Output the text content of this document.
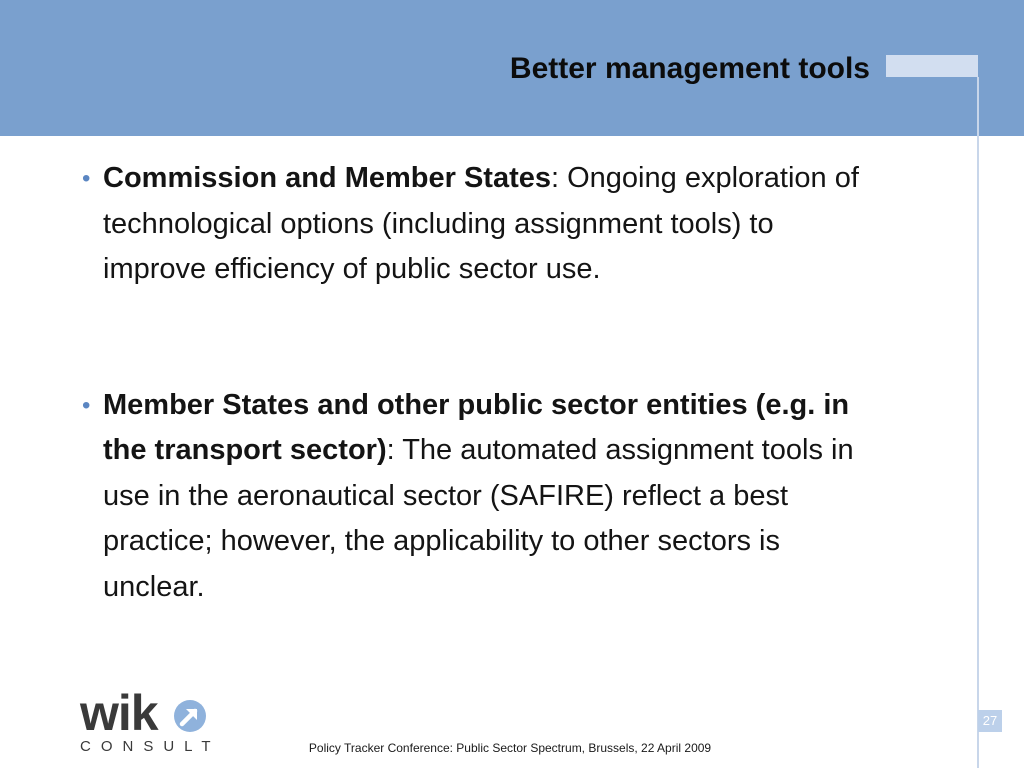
Better management tools
• Commission and Member States: Ongoing exploration of technological options (including assignment tools) to improve efficiency of public sector use.
• Member States and other public sector entities (e.g. in the transport sector): The automated assignment tools in use in the aeronautical sector (SAFIRE) reflect a best practice; however, the applicability to other sectors is unclear.
wik
CONSULT
27
Policy Tracker Conference: Public Sector Spectrum, Brussels, 22 April 2009
